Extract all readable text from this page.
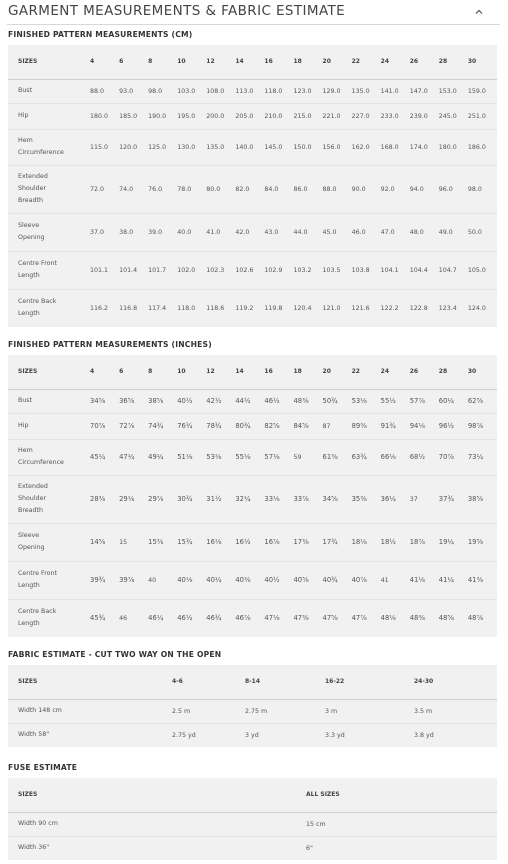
GARMENT MEASUREMENTS & FABRIC ESTIMATE
FINISHED PATTERN MEASUREMENTS (CM)
SIZES	4	6	8	10	12	14	16	18	20	22	24	26	28	30
Bust	88.0	93.0	98.0	103.0	108.0	113.0	118.0	123.0	129.0	135.0	141.0	147.0	153.0	159.0
Hip	180.0	185.0	190.0	195.0	200.0	205.0	210.0	215.0	221.0	227.0	233.0	239.0	245.0	251.0
Hem
Circumference	115.0	120.0	125.0	130.0	135.0	140.0	145.0	150.0	156.0	162.0	168.0	174.0	180.0	186.0
Extended
Shoulder
Breadth	72.0	74.0	76.0	78.0	80.0	82.0	84.0	86.0	88.0	90.0	92.0	94.0	96.0	98.0
Sleeve
Opening	37.0	38.0	39.0	40.0	41.0	42.0	43.0	44.0	45.0	46.0	47.0	48.0	49.0	50.0
Centre Front
Length	101.1	101.4	101.7	102.0	102.3	102.6	102.9	103.2	103.5	103.8	104.1	104.4	104.7	105.0
Centre Back
Length	116.2	116.8	117.4	118.0	118.6	119.2	119.8	120.4	121.0	121.6	122.2	122.8	123.4	124.0
FINISHED PATTERN MEASUREMENTS (INCHES)
SIZES	4	6	8	10	12	14	16	18	20	22	24	26	28	30
Bust	34⅝	36⅝	38⅝	40½	42½	44½	46½	48⅜	50¾	53⅛	55½	57⅞	60¼	62⅝
Hip	70⅞	72⅞	74¾	76¾	78¾	80¾	82⅝	84⅝	87	89⅜	91¾	94⅛	96½	98⅞
Hem
Circumference	45¼	47¼	49¼	51⅛	53⅛	55⅛	57⅛	59	61⅜	63¾	66⅛	68½	70⅞	73¼
Extended
Shoulder
Breadth	28⅜	29⅛	29⅞	30¾	31½	32¼	33⅛	33⅞	34⅝	35⅜	36¼	37	37¾	38⅝
Sleeve
Opening	14⅝	15	15⅜	15¾	16⅛	16½	16⅞	17⅜	17¾	18⅛	18½	18⅞	19¼	19⅝
Centre Front
Length	39¾	39⅞	40	40⅛	40¼	40⅜	40½	40⅝	40¾	40⅞	41	41⅛	41¼	41⅜
Centre Back
Length	45¾	46	46¼	46½	46¾	46⅞	47⅛	47⅜	47⅝	47⅞	48⅛	48⅜	48⅝	48⅞
FABRIC ESTIMATE - CUT TWO WAY ON THE OPEN
SIZES	4-6	8-14	16-22	24-30
Width 148 cm	2.5 m	2.75 m	3 m	3.5 m
Width 58"	2.75 yd	3 yd	3.3 yd	3.8 yd
FUSE ESTIMATE
SIZES	ALL SIZES
Width 90 cm	15 cm
Width 36"	6"
